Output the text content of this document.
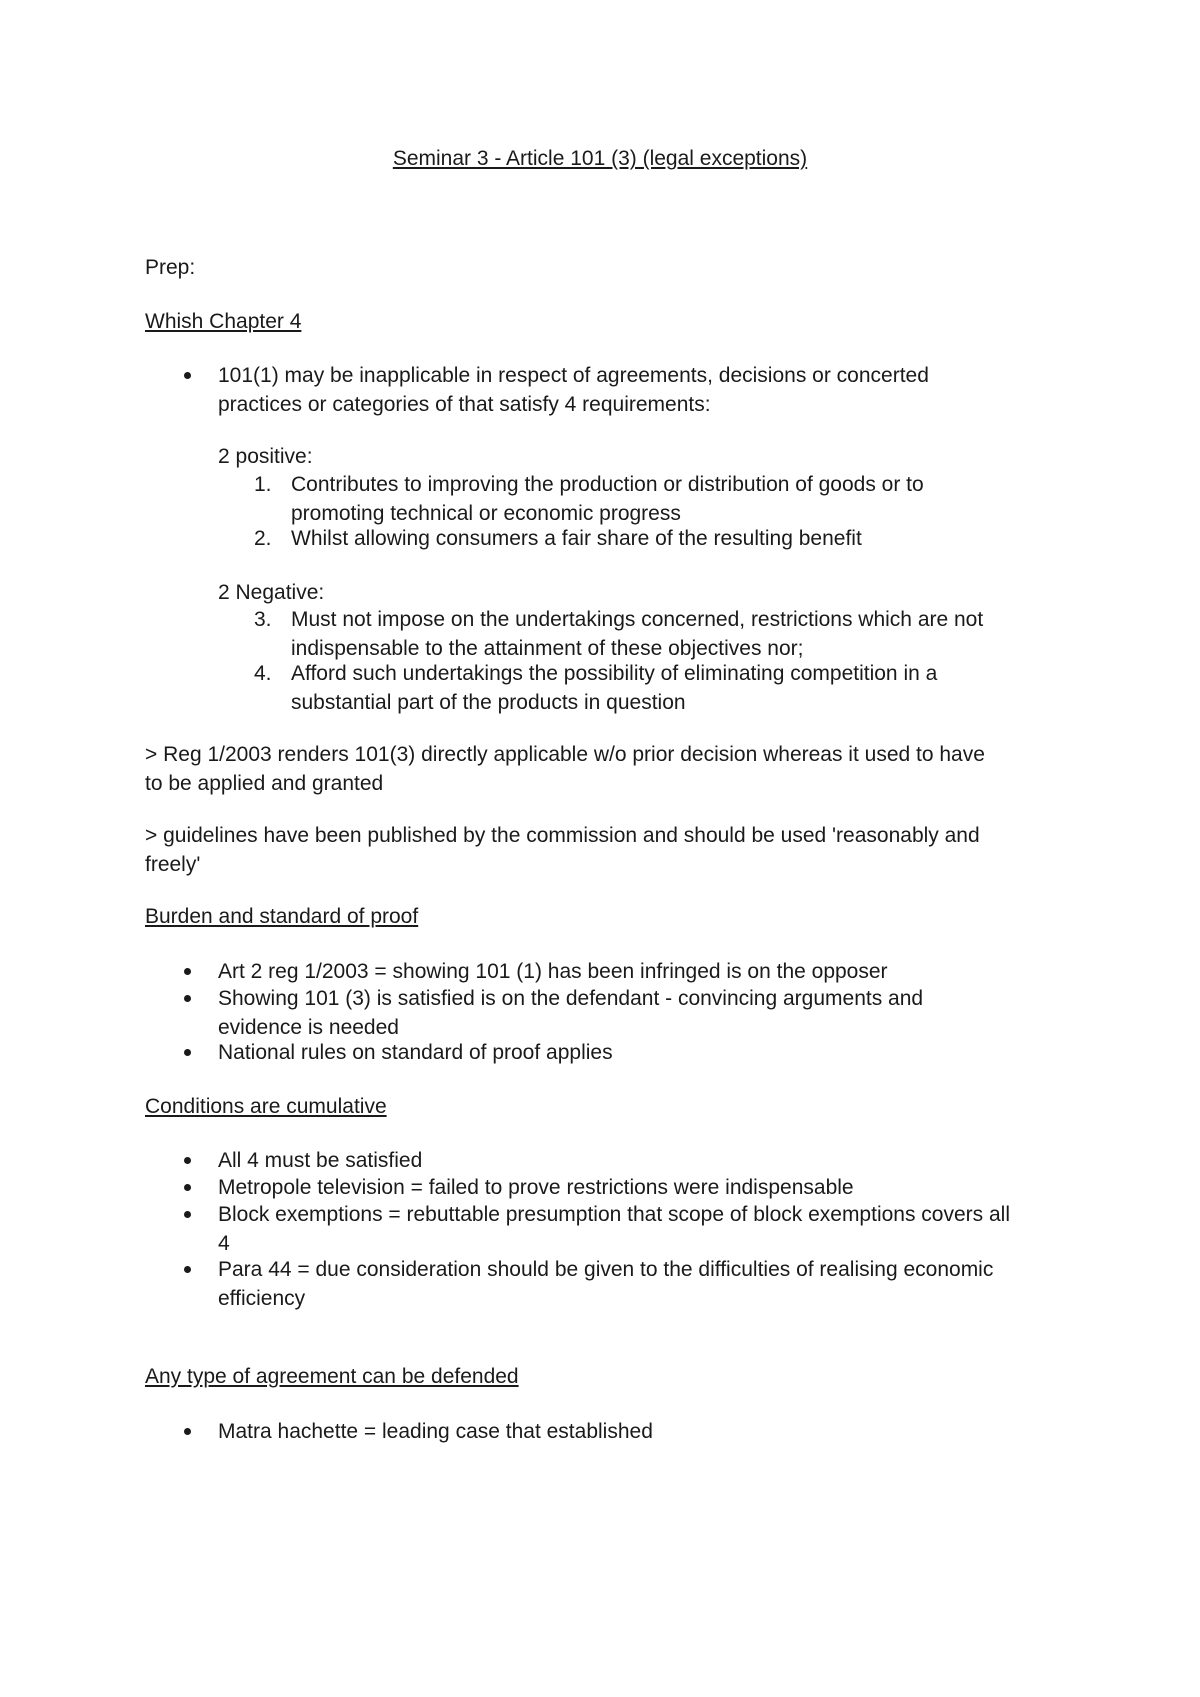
Seminar 3 - Article 101 (3) (legal exceptions)
Prep:
Whish Chapter 4
101(1) may be inapplicable in respect of agreements, decisions or concerted
practices or categories of that satisfy 4 requirements:
2 positive:
1. Contributes to improving the production or distribution of goods or to
promoting technical or economic progress
2. Whilst allowing consumers a fair share of the resulting benefit
2 Negative:
3. Must not impose on the undertakings concerned, restrictions which are not
indispensable to the attainment of these objectives nor;
4. Afford such undertakings the possibility of eliminating competition in a
substantial part of the products in question
> Reg 1/2003 renders 101(3) directly applicable w/o prior decision whereas it used to have
to be applied and granted
> guidelines have been published by the commission and should be used 'reasonably and
freely'
Burden and standard of proof
Art 2 reg 1/2003 = showing 101 (1) has been infringed is on the opposer
Showing 101 (3) is satisfied is on the defendant - convincing arguments and
evidence is needed
National rules on standard of proof applies
Conditions are cumulative
All 4 must be satisfied
Metropole television = failed to prove restrictions were indispensable
Block exemptions = rebuttable presumption that scope of block exemptions covers all
4
Para 44 = due consideration should be given to the difficulties of realising economic
efficiency
Any type of agreement can be defended
Matra hachette = leading case that established
